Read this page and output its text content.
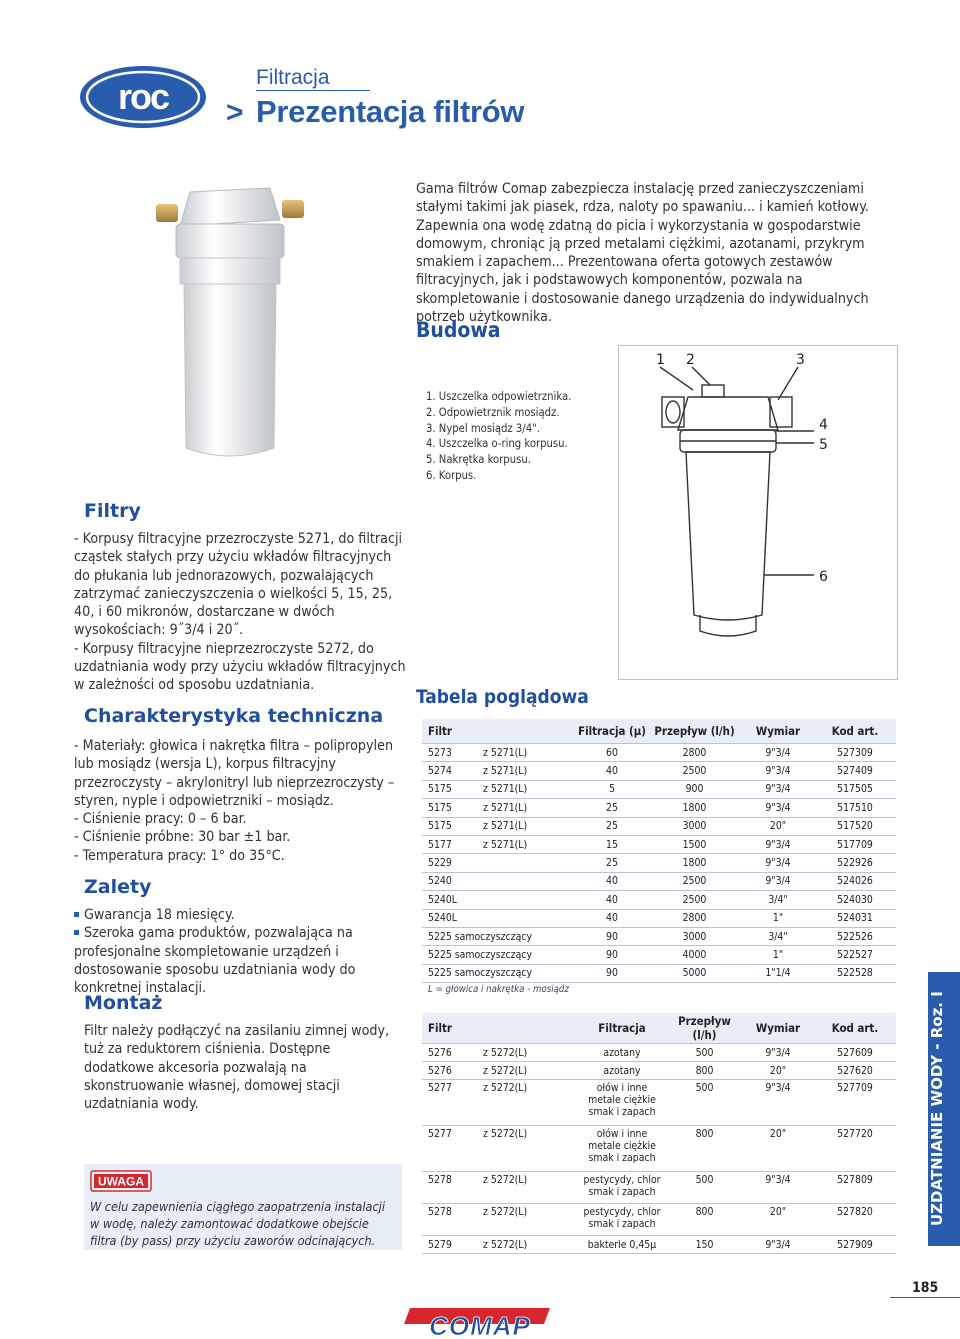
roc	Filtracja
> Prezentacja filtrów
Gama filtrów Comap zabezpiecza instalację przed zanieczyszczeniami stałymi takimi jak piasek, rdza, naloty po spawaniu... i kamień kotłowy. Zapewnia ona wodę zdatną do picia i wykorzystania w gospodarstwie domowym, chroniąc ją przed metalami ciężkimi, azotanami, przykrym smakiem i zapachem... Prezentowana oferta gotowych zestawów filtracyjnych, jak i podstawowych komponentów, pozwala na skompletowanie i dostosowanie danego urządzenia do indywidualnych potrzeb użytkownika.
Budowa
1. Uszczelka odpowietrznika.
2. Odpowietrznik mosiądz.
3. Nypel mosiądz 3/4".
4. Uszczelka o-ring korpusu.
5. Nakrętka korpusu.
6. Korpus.
1 2	3
4
5
6
Filtry
- Korpusy filtracyjne przezroczyste 5271, do filtracji cząstek stałych przy użyciu wkładów filtracyjnych do płukania lub jednorazowych, pozwalających zatrzymać zanieczyszczenia o wielkości 5, 15, 25, 40, i 60 mikronów, dostarczane w dwóch wysokościach: 9˝3/4 i 20˝.
- Korpusy filtracyjne nieprzezroczyste 5272, do uzdatniania wody przy użyciu wkładów filtracyjnych w zależności od sposobu uzdatniania.
Charakterystyka techniczna
- Materiały: głowica i nakrętka filtra – polipropylen lub mosiądz (wersja L), korpus filtracyjny przezroczysty – akrylonitryl lub nieprzezroczysty – styren, nyple i odpowietrzniki – mosiądz.
- Ciśnienie pracy: 0 – 6 bar.
- Ciśnienie próbne: 30 bar ±1 bar.
- Temperatura pracy: 1° do 35°C.
Zalety
Gwarancja 18 miesięcy.
Szeroka gama produktów, pozwalająca na profesjonalne skompletowanie urządzeń i dostosowanie sposobu uzdatniania wody do konkretnej instalacji.
Montaż
Filtr należy podłączyć na zasilaniu zimnej wody, tuż za reduktorem ciśnienia. Dostępne dodatkowe akcesoria pozwalają na skonstruowanie własnej, domowej stacji uzdatniania wody.
UWAGA
W celu zapewnienia ciągłego zaopatrzenia instalacji w wodę, należy zamontować dodatkowe obejście filtra (by pass) przy użyciu zaworów odcinających.
Tabela poglądowa
Filtr		Filtracja (µ)	Przepływ (l/h)	Wymiar	Kod art.
5273	z 5271(L)	60	2800	9"3/4	527309
5274	z 5271(L)	40	2500	9"3/4	527409
5175	z 5271(L)	5	900	9"3/4	517505
5175	z 5271(L)	25	1800	9"3/4	517510
5175	z 5271(L)	25	3000	20"	517520
5177	z 5271(L)	15	1500	9"3/4	517709
5229		25	1800	9"3/4	522926
5240		40	2500	9"3/4	524026
5240L		40	2500	3/4"	524030
5240L		40	2800	1"	524031
5225 samoczyszczący		90	3000	3/4"	522526
5225 samoczyszczący		90	4000	1"	522527
5225 samoczyszczący		90	5000	1"1/4	522528
L = głowica i nakrętka - mosiądz
Filtr		Filtracja	Przepływ (l/h)	Wymiar	Kod art.
5276	z 5272(L)	azotany	500	9"3/4	527609
5276	z 5272(L)	azotany	800	20"	527620
5277	z 5272(L)	ołów i inne metale ciężkie smak i zapach	500	9"3/4	527709
5277	z 5272(L)	ołów i inne metale ciężkie smak i zapach	800	20"	527720
5278	z 5272(L)	pestycydy, chlor smak i zapach	500	9"3/4	527809
5278	z 5272(L)	pestycydy, chlor smak i zapach	800	20"	527820
5279	z 5272(L)	bakterie 0,45µ	150	9"3/4	527909
UZDATNIANIE WODY - Roz. I
185
COMAP
